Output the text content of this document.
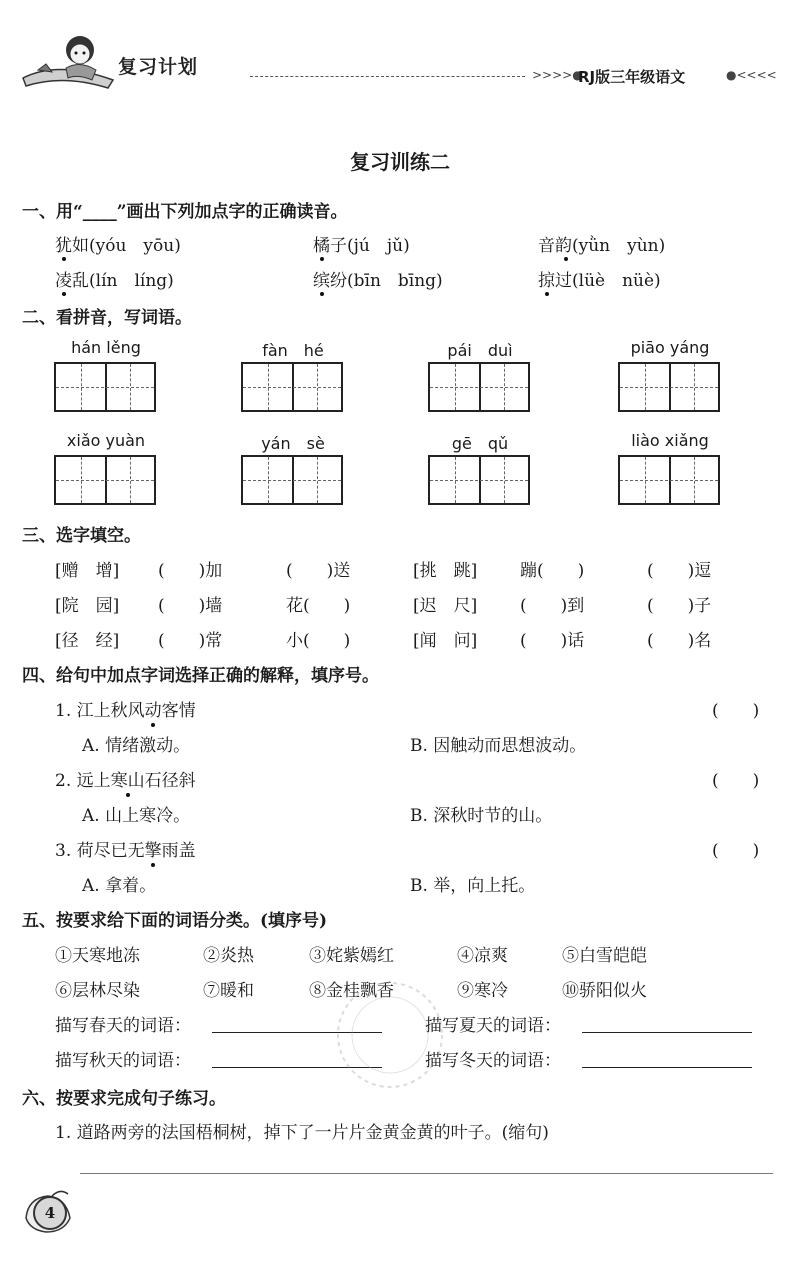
复习计划	>>>>●
RJ版三年级语文	●<<<<
复习训练二
一、用“____”画出下列加点字的正确读音。
犹如(yóu　yōu)	橘子(jú　jǔ)	音韵(yǜn　yùn)
凌乱(lín　líng)	缤纷(bīn　bīng)	掠过(lüè　nüè)
二、看拼音，写词语。
hán lěng	fàn　hé	pái　duì	piāo yáng
xiǎo yuàn	yán　sè	gē　qǔ	liào xiǎng
三、选字填空。
[赠　增] (　　)加	(　　)送	[挑　跳]	蹦(　　)	(　　)逗
[院　园] (　　)墙	花(　　)	[迟　尺]	(　　)到	(　　)子
[径　经] (　　)常	小(　　)	[闻　问]	(　　)话	(　　)名
四、给句中加点字词选择正确的解释，填序号。
1. 江上秋风动客情	(　　)
A. 情绪激动。	B. 因触动而思想波动。
2. 远上寒山石径斜	(　　)
A. 山上寒冷。	B. 深秋时节的山。
3. 荷尽已无擎雨盖	(　　)
A. 拿着。	B. 举，向上托。
五、按要求给下面的词语分类。(填序号)
①天寒地冻	②炎热	③姹紫嫣红	④凉爽	⑤白雪皑皑
⑥层林尽染	⑦暖和	⑧金桂飘香	⑨寒冷	⑩骄阳似火
描写春天的词语：	描写夏天的词语：
描写秋天的词语：	描写冬天的词语：
六、按要求完成句子练习。
1. 道路两旁的法国梧桐树，掉下了一片片金黄金黄的叶子。(缩句)
4
